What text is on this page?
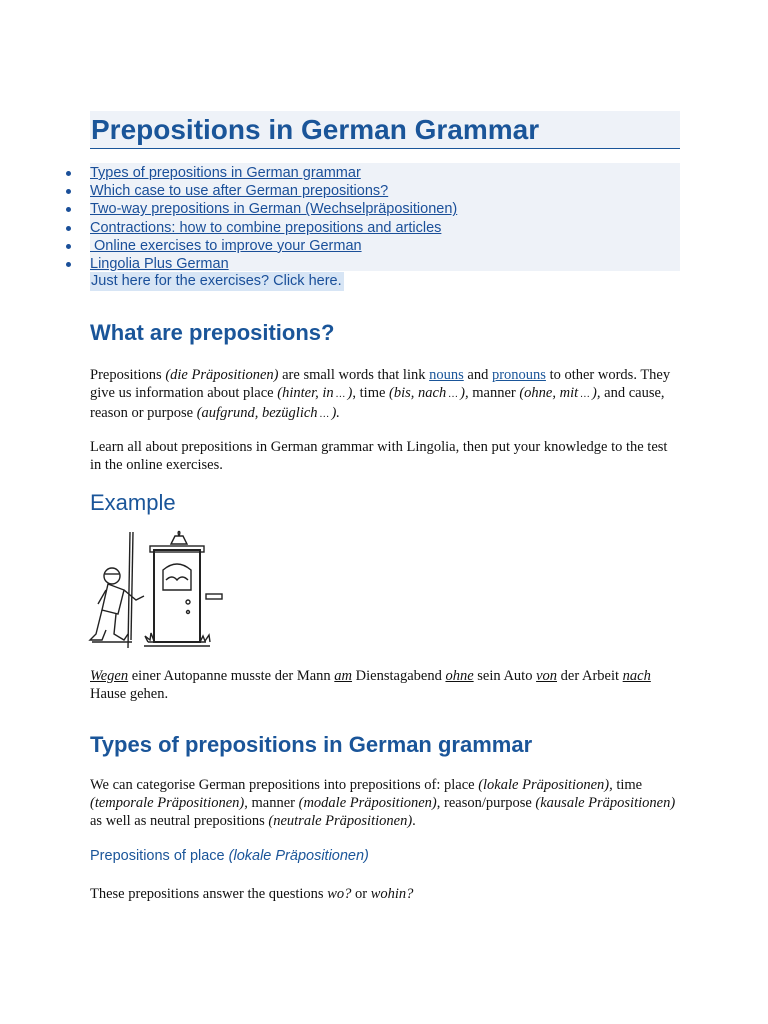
Prepositions in German Grammar
Types of prepositions in German grammar
Which case to use after German prepositions?
Two-way prepositions in German (Wechselpräpositionen)
Contractions: how to combine prepositions and articles
Online exercises to improve your German
Lingolia Plus German
Just here for the exercises? Click here.
What are prepositions?

Prepositions (die Präpositionen) are small words that link nouns and pronouns to other words. They give us information about place (hinter, in … ), time (bis, nach … ), manner (ohne, mit … ), and cause, reason or purpose (aufgrund, bezüglich … ).

Learn all about prepositions in German grammar with Lingolia, then put your knowledge to the test in the online exercises.

Example

Wegen einer Autopanne musste der Mann am Dienstagabend ohne sein Auto von der Arbeit nach Hause gehen.

Types of prepositions in German grammar

We can categorise German prepositions into prepositions of: place (lokale Präpositionen), time (temporale Präpositionen), manner (modale Präpositionen), reason/purpose (kausale Präpositionen) as well as neutral prepositions (neutrale Präpositionen).

Prepositions of place (lokale Präpositionen)

These prepositions answer the questions wo? or wohin?
